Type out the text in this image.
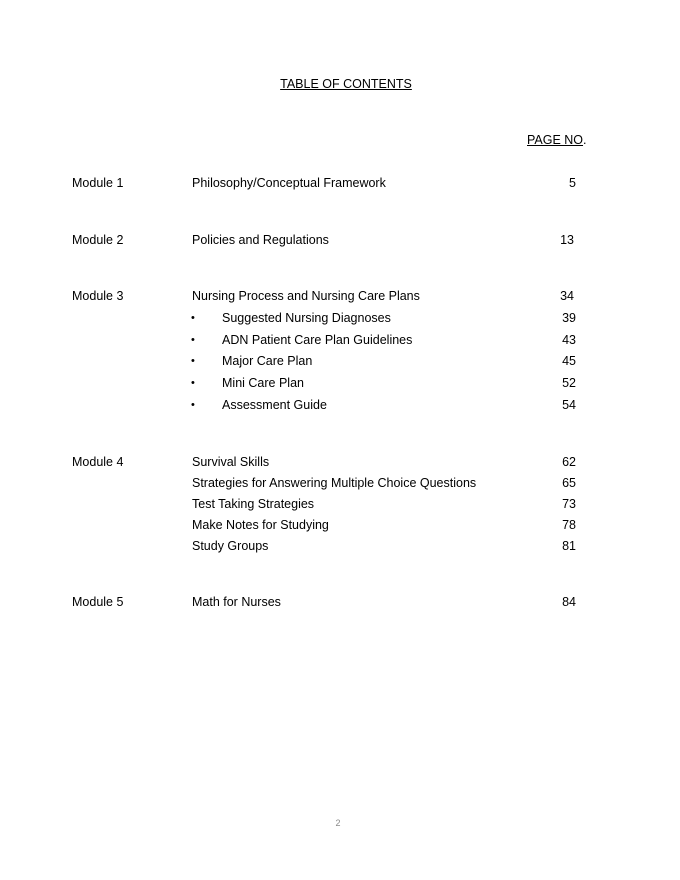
TABLE OF CONTENTS
PAGE NO.
Module 1	Philosophy/Conceptual Framework	5
Module 2	Policies and Regulations	13
Module 3	Nursing Process and Nursing Care Plans	34
• Suggested Nursing Diagnoses	39
• ADN Patient Care Plan Guidelines	43
• Major Care Plan	45
• Mini Care Plan	52
• Assessment Guide	54
Module 4	Survival Skills	62
Strategies for Answering Multiple Choice Questions	65
Test Taking Strategies	73
Make Notes for Studying	78
Study Groups	81
Module 5	Math for Nurses	84
2
